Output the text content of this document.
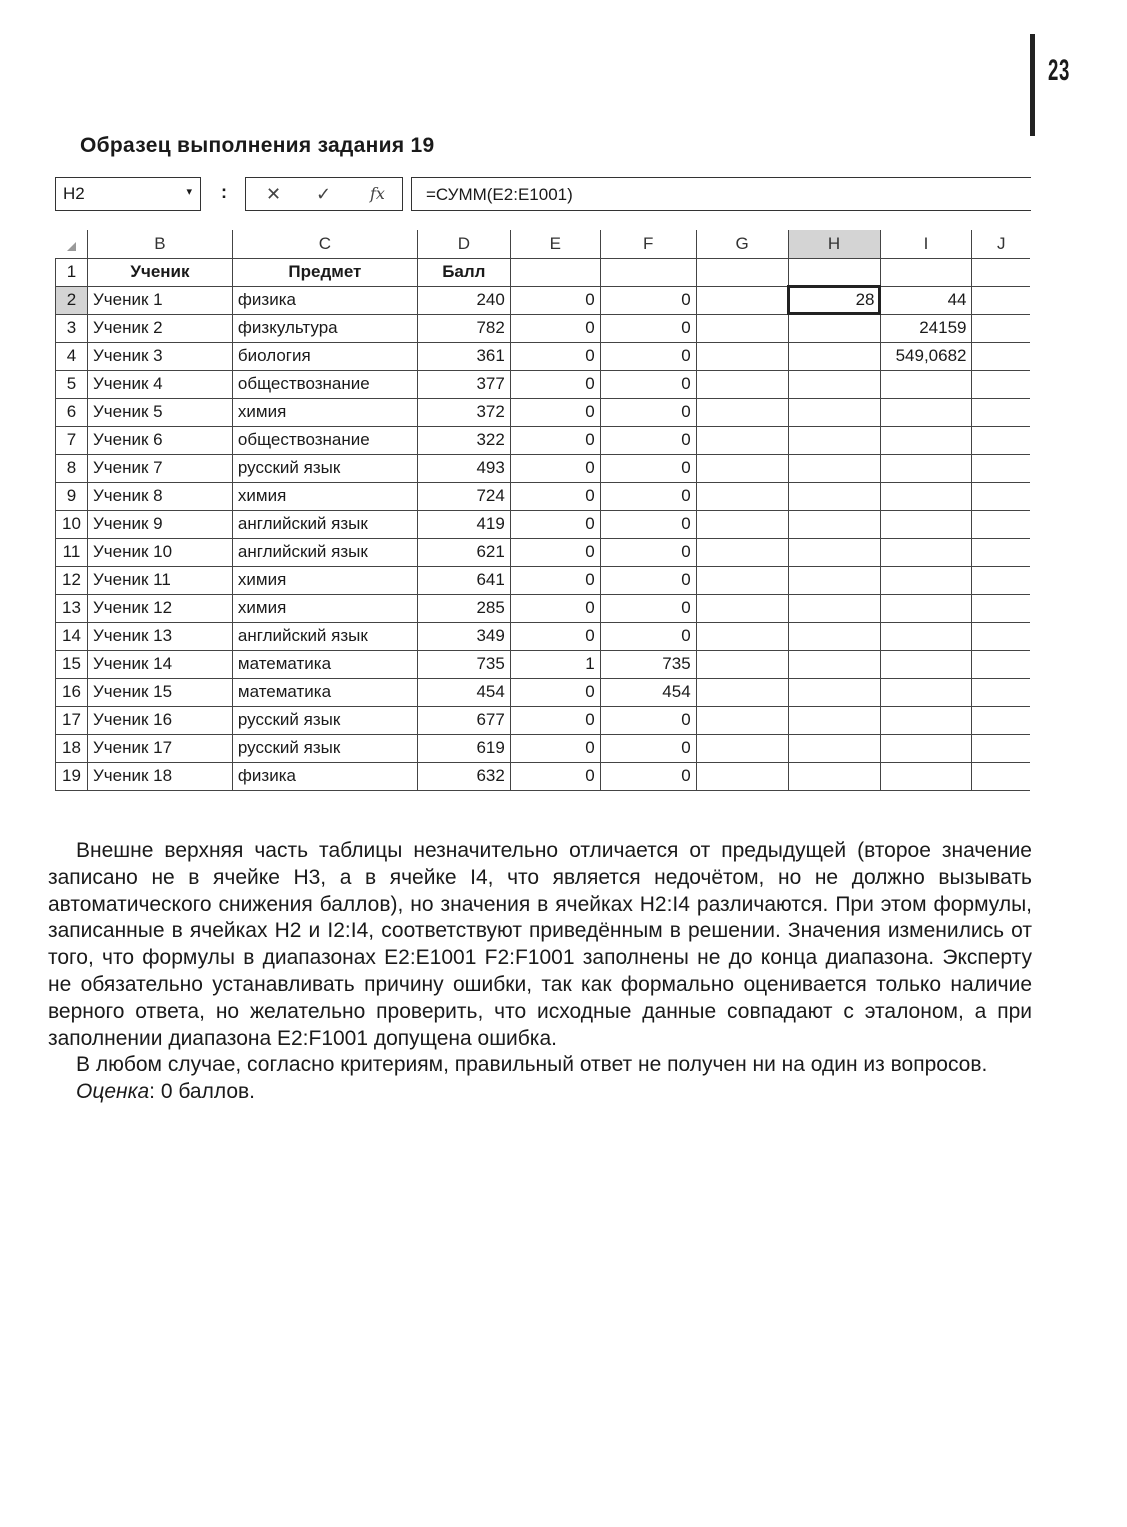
23
Образец выполнения задания 19
H2	▾ : ✕ ✓ fx	=СУММ(E2:E1001)
	B	C	D	E	F	G	H	I	J
1	Ученик	Предмет	Балл						
2	Ученик 1	физика	240	0	0		28	44	
3	Ученик 2	физкультура	782	0	0			24159	
4	Ученик 3	биология	361	0	0			549,0682	
5	Ученик 4	обществознание	377	0	0				
6	Ученик 5	химия	372	0	0				
7	Ученик 6	обществознание	322	0	0				
8	Ученик 7	русский язык	493	0	0				
9	Ученик 8	химия	724	0	0				
10	Ученик 9	английский язык	419	0	0				
11	Ученик 10	английский язык	621	0	0				
12	Ученик 11	химия	641	0	0				
13	Ученик 12	химия	285	0	0				
14	Ученик 13	английский язык	349	0	0				
15	Ученик 14	математика	735	1	735				
16	Ученик 15	математика	454	0	454				
17	Ученик 16	русский язык	677	0	0				
18	Ученик 17	русский язык	619	0	0				
19	Ученик 18	физика	632	0	0				

Внешне верхняя часть таблицы незначительно отличается от предыдущей (второе значение записано не в ячейке H3, а в ячейке I4, что является недочётом, но не должно вызывать автоматического снижения баллов), но значения в ячейках H2:I4 различаются. При этом формулы, записанные в ячейках H2 и I2:I4, соответствуют приведённым в решении. Значения изменились от того, что формулы в диапазонах E2:E1001 F2:F1001 заполнены не до конца диапазона. Эксперту не обязательно устанавливать причину ошибки, так как формально оценивается только наличие верного ответа, но желательно проверить, что исходные данные совпадают с эталоном, а при заполнении диапазона E2:F1001 допущена ошибка.

В любом случае, согласно критериям, правильный ответ не получен ни на один из вопросов.

Оценка: 0 баллов.
